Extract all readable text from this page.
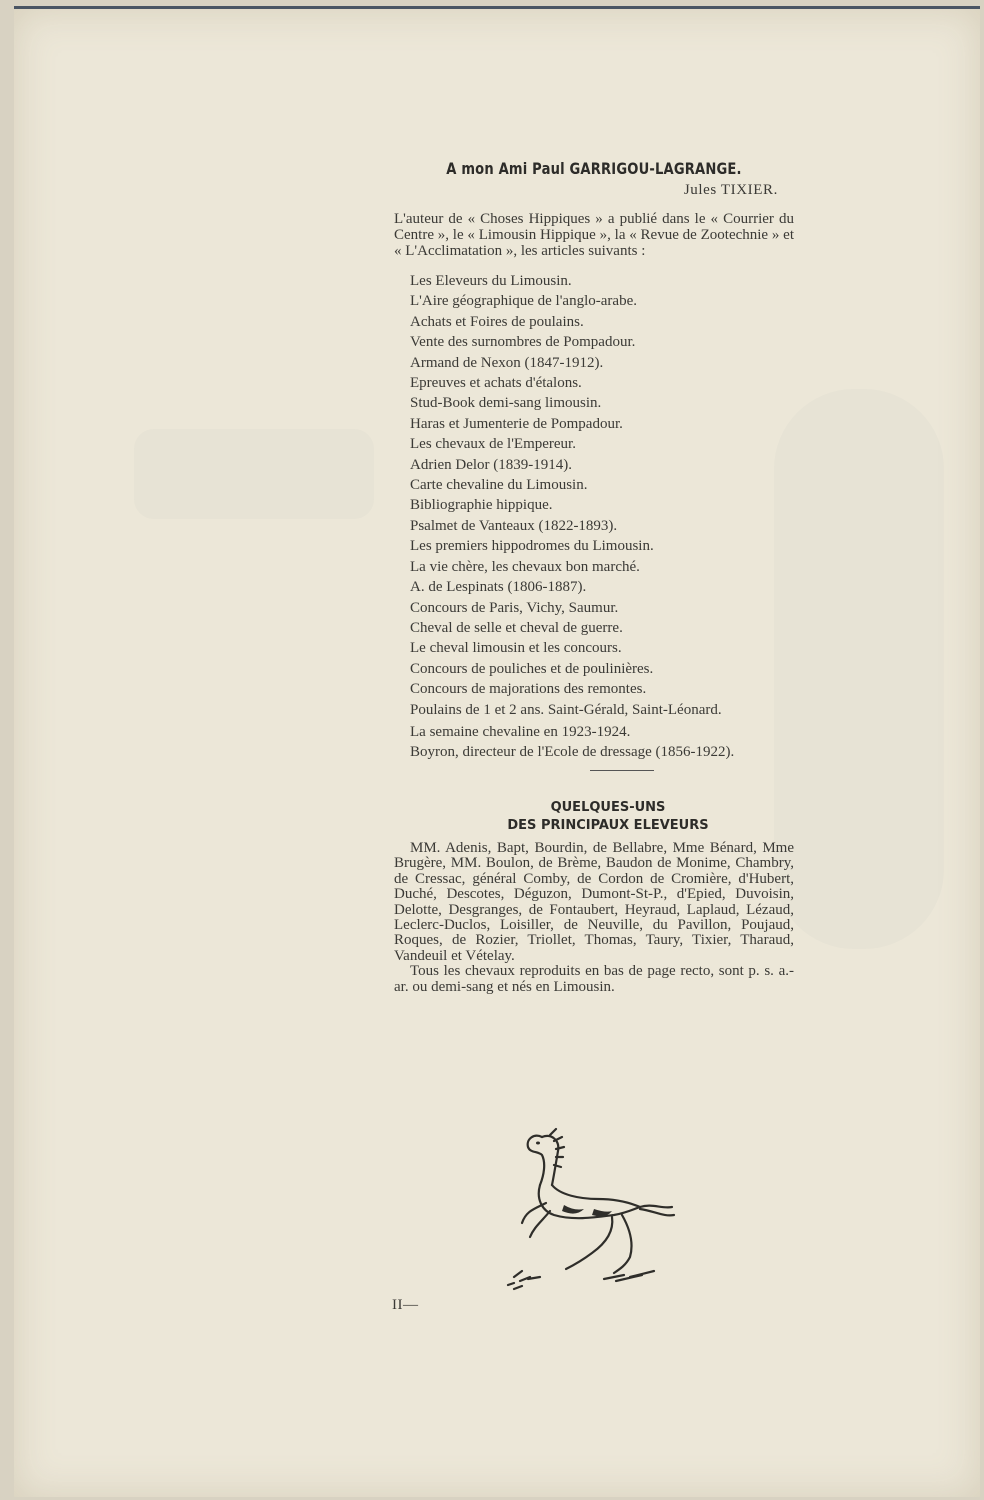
A mon Ami Paul GARRIGOU-LAGRANGE.
Jules TIXIER.

L'auteur de « Choses Hippiques » a publié dans le « Courrier du Centre », le « Limousin Hippique », la « Revue de Zootechnie » et « L'Acclimatation », les articles suivants :

Les Eleveurs du Limousin.
L'Aire géographique de l'anglo-arabe.
Achats et Foires de poulains.
Vente des surnombres de Pompadour.
Armand de Nexon (1847-1912).
Epreuves et achats d'étalons.
Stud-Book demi-sang limousin.
Haras et Jumenterie de Pompadour.
Les chevaux de l'Empereur.
Adrien Delor (1839-1914).
Carte chevaline du Limousin.
Bibliographie hippique.
Psalmet de Vanteaux (1822-1893).
Les premiers hippodromes du Limousin.
La vie chère, les chevaux bon marché.
A. de Lespinats (1806-1887).
Concours de Paris, Vichy, Saumur.
Cheval de selle et cheval de guerre.
Le cheval limousin et les concours.
Concours de pouliches et de poulinières.
Concours de majorations des remontes.
Poulains de 1 et 2 ans. Saint-Gérald, Saint-Léonard.
La semaine chevaline en 1923-1924.
Boyron, directeur de l'Ecole de dressage (1856-1922).
QUELQUES-UNS
DES PRINCIPAUX ELEVEURS

MM. Adenis, Bapt, Bourdin, de Bellabre, Mme Bénard, Mme Brugère, MM. Boulon, de Brème, Baudon de Monime, Chambry, de Cressac, général Comby, de Cordon de Cromière, d'Hubert, Duché, Descotes, Déguzon, Dumont-St-P., d'Epied, Duvoisin, Delotte, Desgranges, de Fontaubert, Heyraud, Laplaud, Lézaud, Leclerc-Duclos, Loisiller, de Neuville, du Pavillon, Poujaud, Roques, de Rozier, Triollet, Thomas, Taury, Tixier, Tharaud, Vandeuil et Vételay.

Tous les chevaux reproduits en bas de page recto, sont p. s. a.-ar. ou demi-sang et nés en Limousin.

II—
